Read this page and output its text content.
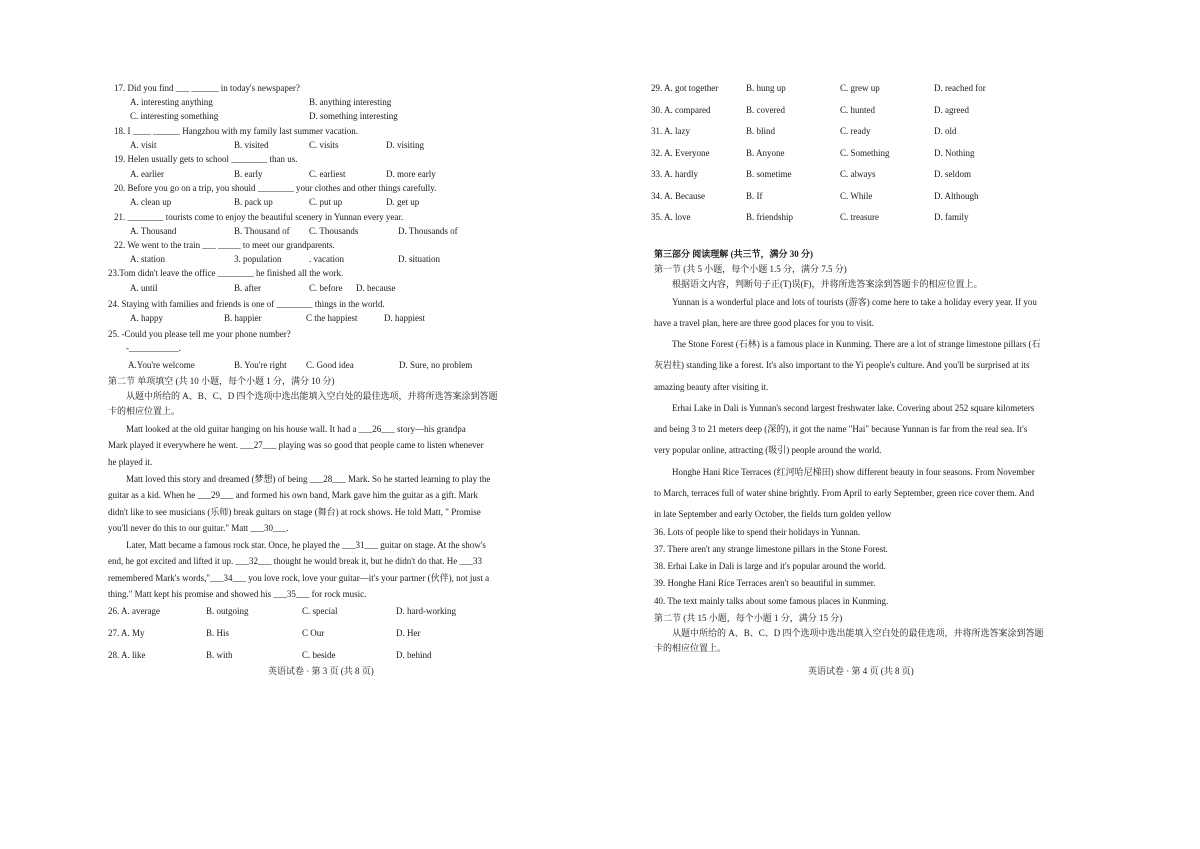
17. Did you find ___ ______ in today's newspaper?
A. interesting anything	B. anything interesting
C. interesting something	D. something interesting
18. I ____ ______ Hangzhou with my family last summer vacation.
A. visit	B. visited	C. visits	D. visiting
19. Helen usually gets to school ________ than us.
A. earlier	B. early	C. earliest	D. more early
20. Before you go on a trip, you should ________ your clothes and other things carefully.
A. clean up	B. pack up	C. put up	D. get up
21. ________ tourists come to enjoy the beautiful scenery in Yunnan every year.
A. Thousand	B. Thousand of C. Thousands	D. Thousands of
22. We went to the train ___ _____ to meet our grandparents.
A. station	3. population	. vacation	D. situation
23.Tom didn't leave the office ________ he finished all the work.
A. until	B. after	C. before D. because
24. Staying with families and friends is one of ________ things in the world.
A. happy	B. happier	C the happiest	D. happiest
25. -Could you please tell me your phone number?
-___________.
A.You're welcome	B. You're right C. Good idea	D. Sure, no problem
第二节 单项填空 (共 10 小题，每个小题 1 分，满分 10 分)
从题中所给的 A、B、C、D 四个选项中选出能填入空白处的最佳选项，并将所选答案涂到答题
卡的相应位置上。
Matt looked at the old guitar hanging on his house wall. It had a ___26___ story—his grandpa
Mark played it everywhere he went. ___27___ playing was so good that people came to listen whenever
he played it.
Matt loved this story and dreamed (梦想) of being ___28___ Mark. So he started learning to play the
guitar as a kid. When he ___29___ and formed his own band, Mark gave him the guitar as a gift. Mark
didn't like to see musicians (乐师) break guitars on stage (舞台) at rock shows. He told Matt, " Promise
you'll never do this to our guitar." Matt ___30___.
Later, Matt became a famous rock star. Once, he played the ___31___ guitar on stage. At the show's
end, he got excited and lifted it up. ___32___ thought he would break it, but he didn't do that. He ___33
remembered Mark's words,"___34___ you love rock, love your guitar—it's your partner (伙伴), not just a
thing." Matt kept his promise and showed his ___35___ for rock music.
26. A. average	B. outgoing	C. special	D. hard-working
27. A. My	B. His	C Our	D. Her
28. A. like	B. with	C. beside	D. behind
英语试卷 · 第 3 页 (共 8 页)
29. A. got together	B. hung up	C. grew up	D. reached for
30. A. compared	B. covered	C. hunted	D. agreed
31. A. lazy	B. blind	C. ready	D. old
32. A. Everyone	B. Anyone	C. Something	D. Nothing
33. A. hardly	B. sometime	C. always	D. seldom
34. A. Because	B. If	C. While	D. Although
35. A. love	B. friendship	C. treasure	D. family
第三部分 阅读理解 (共三节，满分 30 分)
第一节 (共 5 小题，每个小题 1.5 分，满分 7.5 分)
根据语文内容，判断句子正(T)误(F)，并将所选答案涂到答题卡的相应位置上。
Yunnan is a wonderful place and lots of tourists (游客) come here to take a holiday every year. If you
have a travel plan, here are three good places for you to visit.
The Stone Forest (石林) is a famous place in Kunming. There are a lot of strange limestone pillars (石
灰岩柱) standing like a forest. It's also important to the Yi people's culture. And you'll be surprised at its
amazing beauty after visiting it.
Erhai Lake in Dali is Yunnan's second largest freshwater lake. Covering about 252 square kilometers
and being 3 to 21 meters deep (深的), it got the name "Hai" because Yunnan is far from the real sea. It's
very popular online, attracting (吸引) people around the world.
Honghe Hani Rice Terraces (红河哈尼梯田) show different beauty in four seasons. From November
to March, terraces full of water shine brightly. From April to early September, green rice cover them. And
in late September and early October, the fields turn golden yellow
36. Lots of people like to spend their holidays in Yunnan.
37. There aren't any strange limestone pillars in the Stone Forest.
38. Erhai Lake in Dali is large and it's popular around the world.
39. Honghe Hani Rice Terraces aren't so beautiful in summer.
40. The text mainly talks about some famous places in Kunming.
第二节 (共 15 小题，每个小题 1 分，满分 15 分)
从题中所给的 A、B、C、D 四个选项中选出能填入空白处的最佳选项，并将所选答案涂到答题
卡的相应位置上。
英语试卷 · 第 4 页 (共 8 页)
